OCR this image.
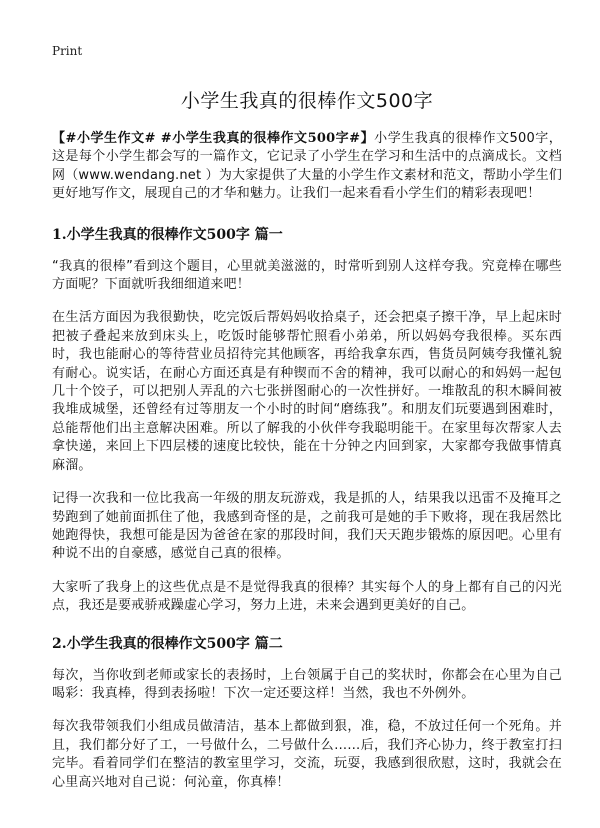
Print
小学生我真的很棒作文500字

【#小学生作文# #小学生我真的很棒作文500字#】小学生我真的很棒作文500字，这是每个小学生都会写的一篇作文，它记录了小学生在学习和生活中的点滴成长。文档网（www.wendang.net ）为大家提供了大量的小学生作文素材和范文，帮助小学生们更好地写作文，展现自己的才华和魅力。让我们一起来看看小学生们的精彩表现吧！

1.小学生我真的很棒作文500字 篇一

“我真的很棒”看到这个题目，心里就美滋滋的，时常听到别人这样夸我。究竟棒在哪些方面呢？下面就听我细细道来吧！

在生活方面因为我很勤快，吃完饭后帮妈妈收拾桌子，还会把桌子擦干净，早上起床时把被子叠起来放到床头上，吃饭时能够帮忙照看小弟弟，所以妈妈夸我很棒。买东西时，我也能耐心的等待营业员招待完其他顾客，再给我拿东西，售货员阿姨夸我懂礼貌有耐心。说实话，在耐心方面还真是有种锲而不舍的精神，我可以耐心的和妈妈一起包几十个饺子，可以把别人弄乱的六七张拼图耐心的一次性拼好。一堆散乱的积木瞬间被我堆成城堡，还曾经有过等朋友一个小时的时间“磨练我”。和朋友们玩要遇到困难时，总能帮他们出主意解决困难。所以了解我的小伙伴夸我聪明能干。在家里每次帮家人去拿快递，来回上下四层楼的速度比较快，能在十分钟之内回到家，大家都夸我做事情真麻溜。

记得一次我和一位比我高一年级的朋友玩游戏，我是抓的人，结果我以迅雷不及掩耳之势跑到了她前面抓住了他，我感到奇怪的是，之前我可是她的手下败将，现在我居然比她跑得快，我想可能是因为爸爸在家的那段时间，我们天天跑步锻炼的原因吧。心里有种说不出的自豪感，感觉自己真的很棒。

大家听了我身上的这些优点是不是觉得我真的很棒？其实每个人的身上都有自己的闪光点，我还是要戒骄戒躁虚心学习，努力上进，未来会遇到更美好的自己。

2.小学生我真的很棒作文500字 篇二

每次，当你收到老师或家长的表扬时，上台领属于自己的奖状时，你都会在心里为自己喝彩：我真棒，得到表扬啦！下次一定还要这样！当然，我也不外例外。

每次我带领我们小组成员做清洁，基本上都做到狠，准，稳，不放过任何一个死角。并且，我们都分好了工，一号做什么，二号做什么……后，我们齐心协力，终于教室打扫完毕。看着同学们在整洁的教室里学习，交流，玩耍，我感到很欣慰，这时，我就会在心里高兴地对自己说：何沁童，你真棒！
